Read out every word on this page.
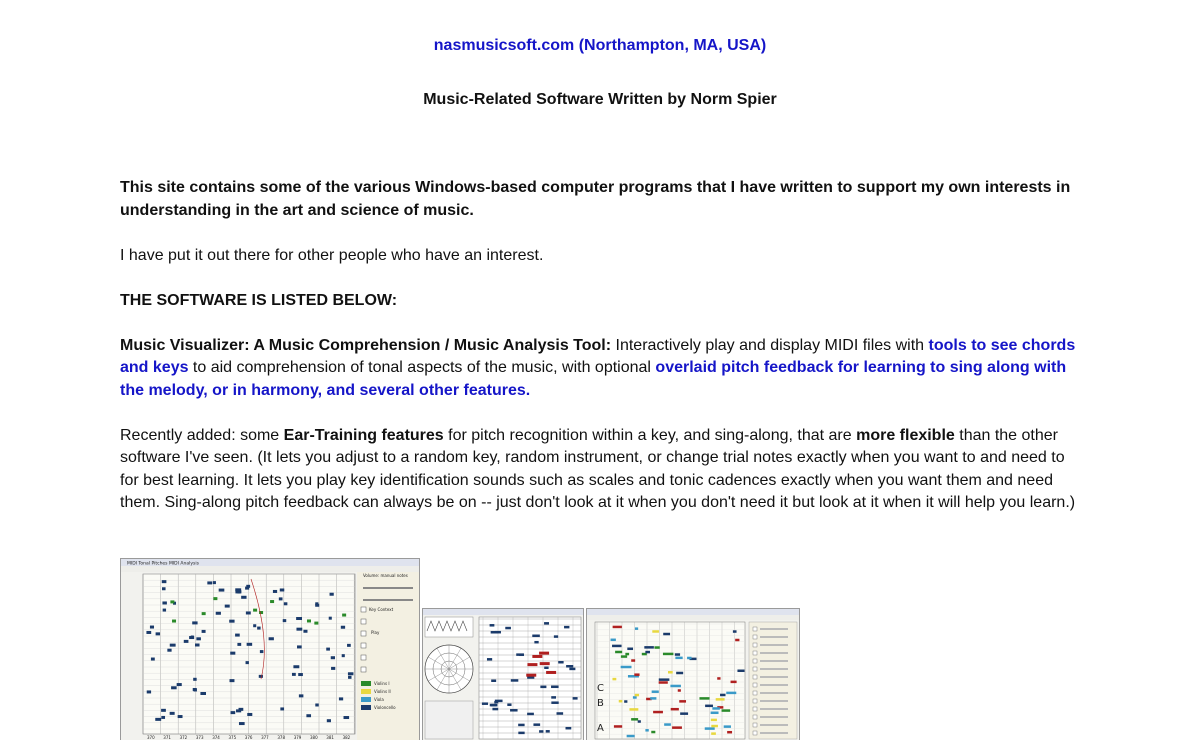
nasmusicsoft.com (Northampton, MA, USA)
Music-Related Software Written by Norm Spier

This site contains some of the various Windows-based computer programs that I have written to support my own interests in understanding in the art and science of music.

I have put it out there for other people who have an interest.

THE SOFTWARE IS LISTED BELOW:

Music Visualizer: A Music Comprehension / Music Analysis Tool: Interactively play and display MIDI files with tools to see chords and keys to aid comprehension of tonal aspects of the music, with optional overlaid pitch feedback for learning to sing along with the melody, or in harmony, and several other features.

Recently added: some Ear-Training features for pitch recognition within a key, and sing-along, that are more flexible than the other software I've seen. (It lets you adjust to a random key, random instrument, or change trial notes exactly when you want to and need to for best learning. It lets you play key identification sounds such as scales and tonic cadences exactly when you want them and need them. Sing-along pitch feedback can always be on -- just don't look at it when you don't need it but look at it when it will help you learn.)

MIDI Tonal Pitches MIDI Analysis
Volume: manual notes
Key Context
Play
Violins I
Violins II
Viola
Violoncello
370 371 372 373 374 375 376 377 378 379 380 381 382
C
B
A
